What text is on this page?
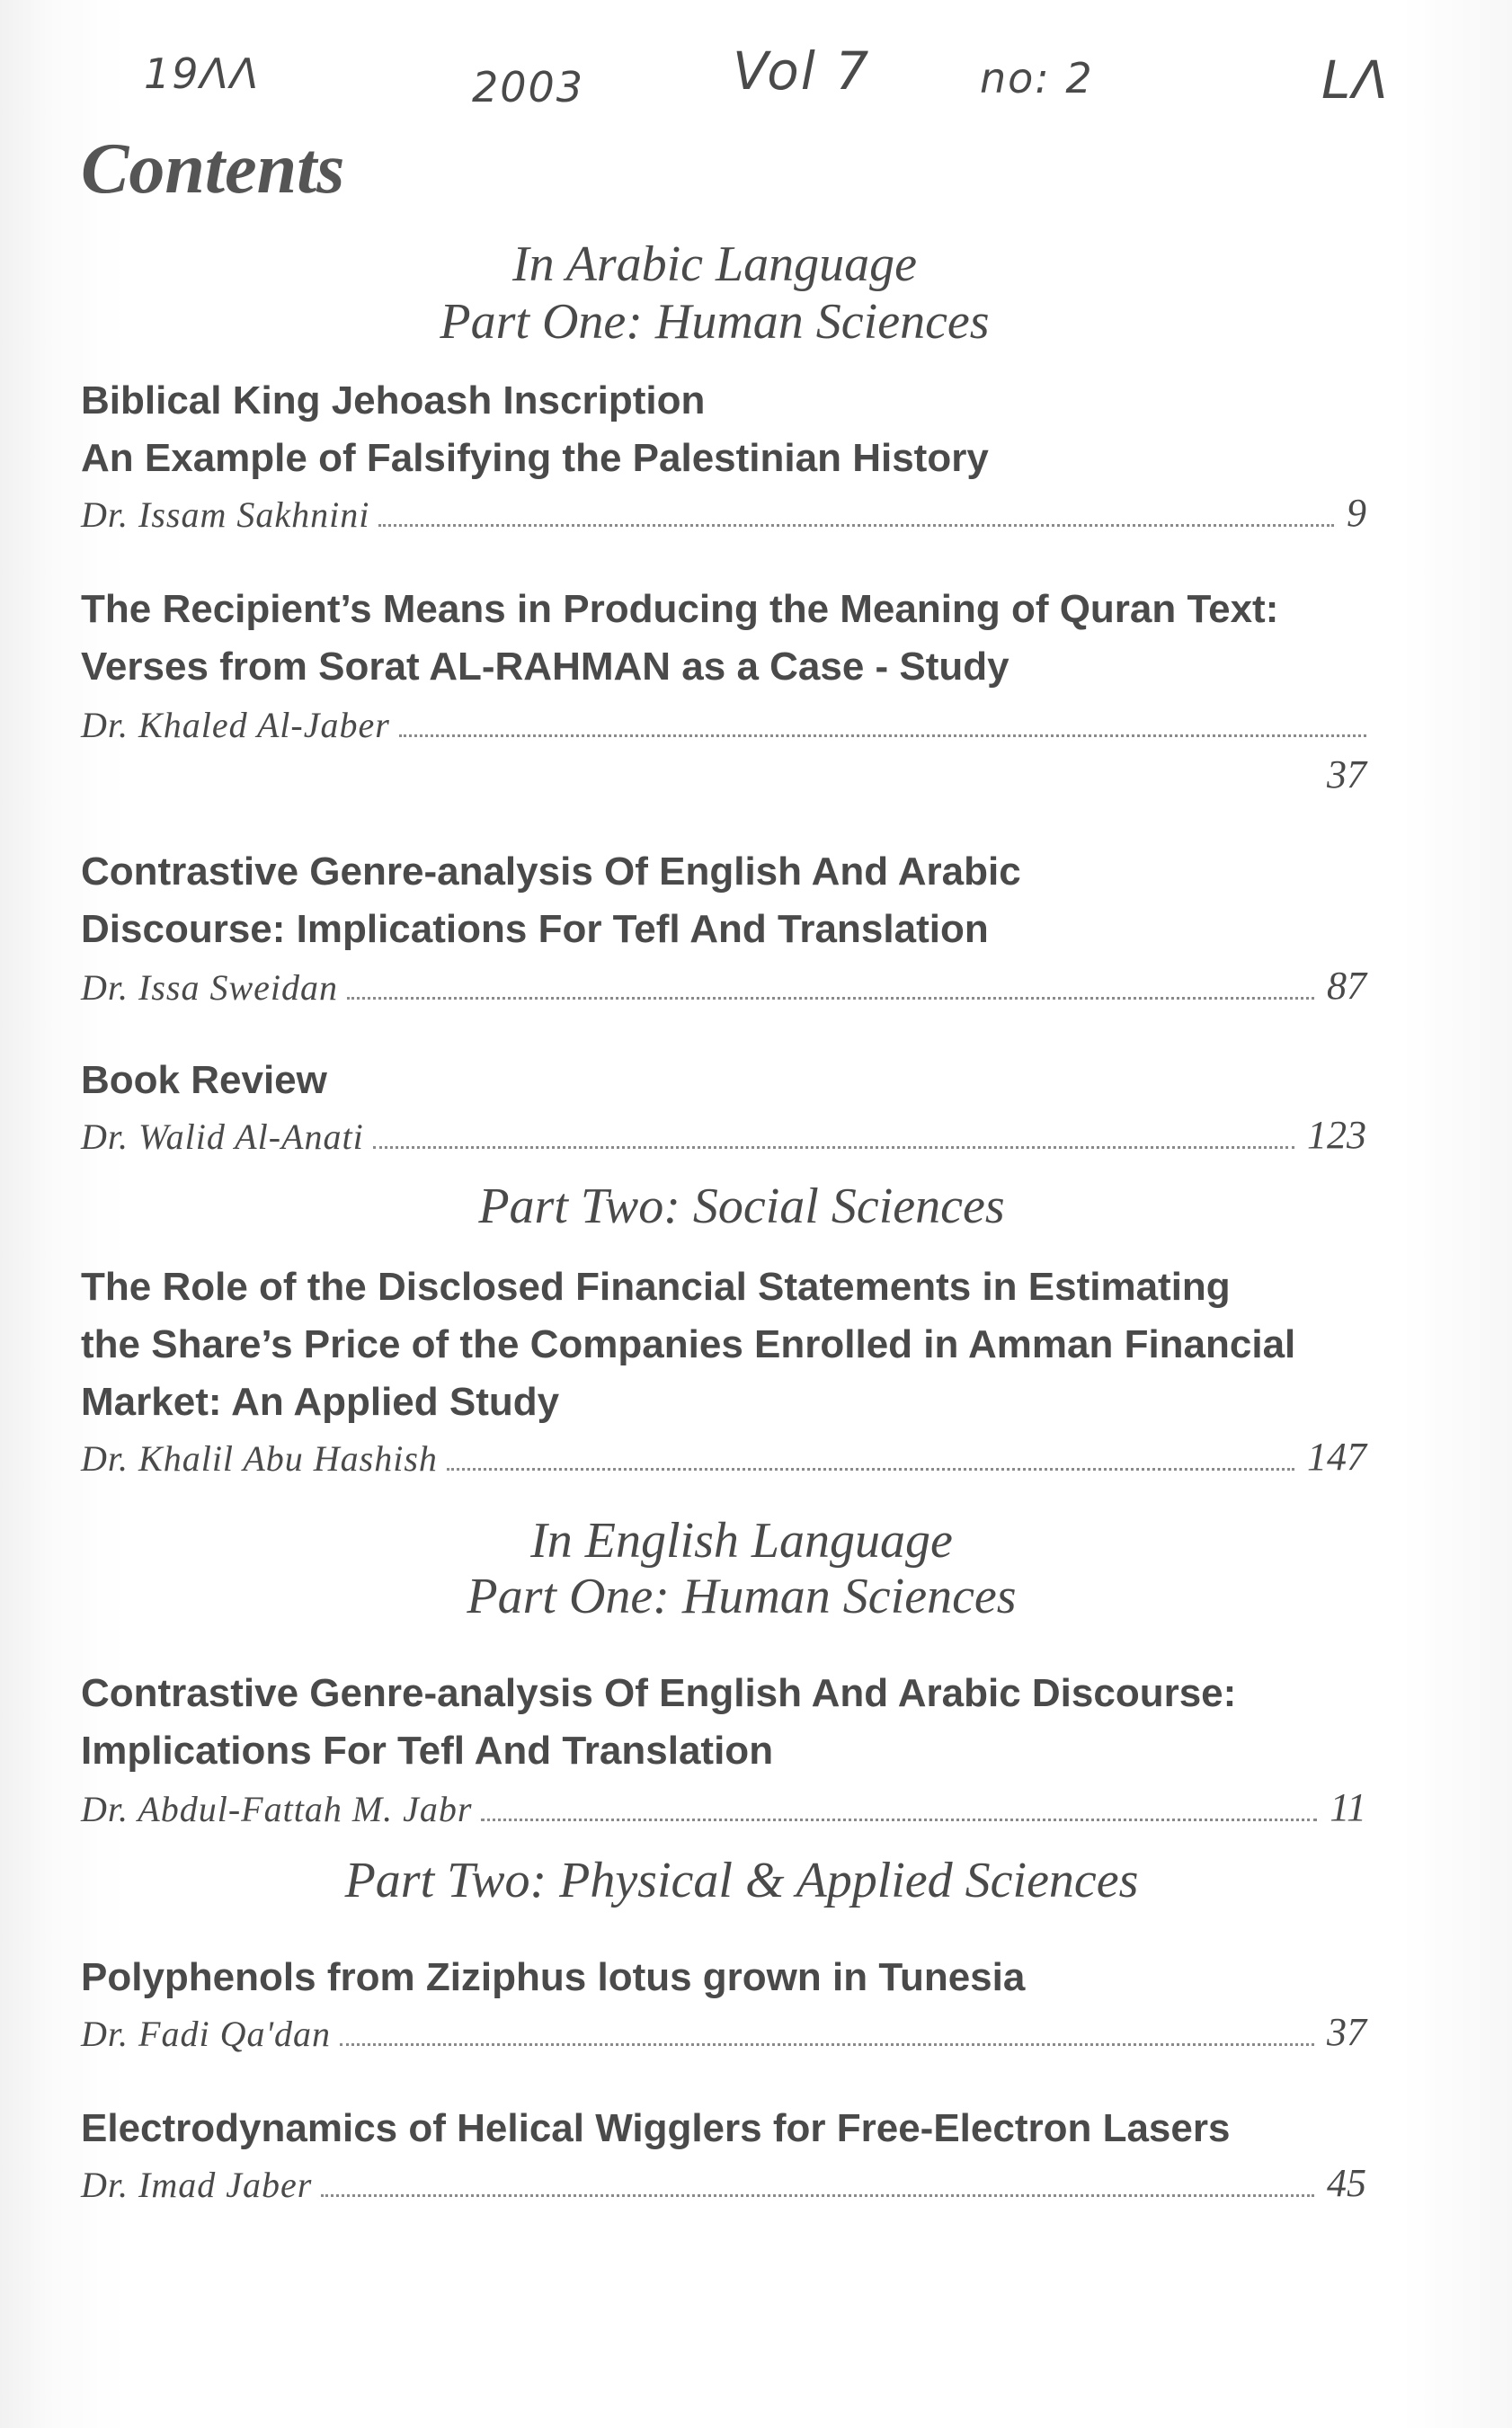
19ΛΛ	2003	Vol 7	no: 2	LΛ
Contents
In Arabic Language
Part One: Human Sciences
Biblical King Jehoash Inscription
An Example of Falsifying the Palestinian History
Dr. Issam Sakhnini	9
The Recipient’s Means in Producing the Meaning of Quran Text:
Verses from Sorat AL-RAHMAN as a Case - Study
Dr. Khaled Al-Jaber
37
Contrastive Genre-analysis Of English And Arabic
Discourse: Implications For Tefl And Translation
Dr. Issa Sweidan	87
Book Review
Dr. Walid Al-Anati	123
Part Two: Social Sciences
The Role of the Disclosed Financial Statements in Estimating
the Share’s Price of the Companies Enrolled in Amman Financial
Market: An Applied Study
Dr. Khalil Abu Hashish	147
In English Language
Part One: Human Sciences
Contrastive Genre-analysis Of English And Arabic Discourse:
Implications For Tefl And Translation
Dr. Abdul-Fattah M. Jabr	11
Part Two: Physical & Applied Sciences
Polyphenols from Ziziphus lotus grown in Tunesia
Dr. Fadi Qa'dan	37
Electrodynamics of Helical Wigglers for Free-Electron Lasers
Dr. Imad Jaber	45
